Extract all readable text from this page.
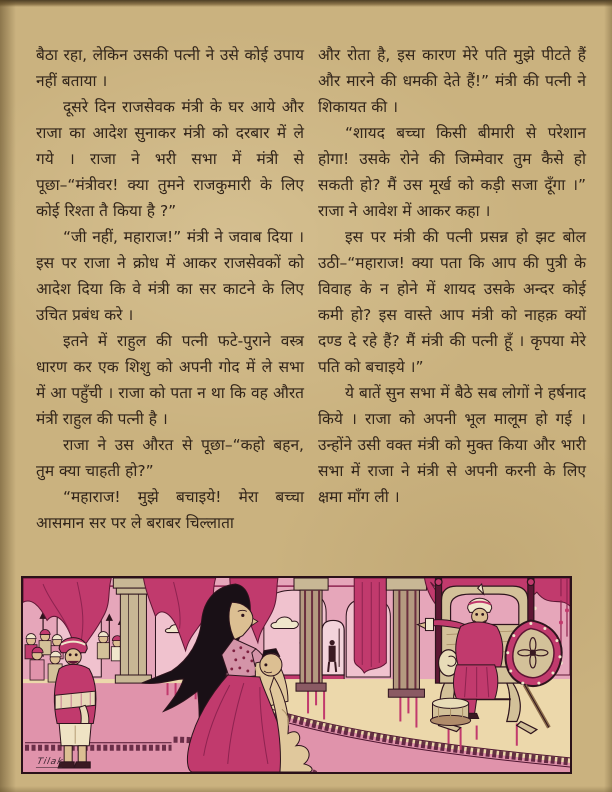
बैठा रहा, लेकिन उसकी पत्नी ने उसे कोई उपाय नहीं बताया ।

दूसरे दिन राजसेवक मंत्री के घर आये और राजा का आदेश सुनाकर मंत्री को दरबार में ले गये । राजा ने भरी सभा में मंत्री से पूछा–“मंत्रीवर! क्या तुमने राजकुमारी के लिए कोई रिश्ता तै किया है ?”

“जी नहीं, महाराज!” मंत्री ने जवाब दिया । इस पर राजा ने क्रोध में आकर राजसेवकों को आदेश दिया कि वे मंत्री का सर काटने के लिए उचित प्रबंध करे ।

इतने में राहुल की पत्नी फटे-पुराने वस्त्र धारण कर एक शिशु को अपनी गोद में ले सभा में आ पहुँची । राजा को पता न था कि वह औरत मंत्री राहुल की पत्नी है ।

राजा ने उस औरत से पूछा–“कहो बहन, तुम क्या चाहती हो?”

“महाराज! मुझे बचाइये! मेरा बच्चा आसमान सर पर ले बराबर चिल्लाता

और रोता है, इस कारण मेरे पति मुझे पीटते हैं और मारने की धमकी देते हैं!” मंत्री की पत्नी ने शिकायत की ।

“शायद बच्चा किसी बीमारी से परेशान होगा! उसके रोने की जिम्मेवार तुम कैसे हो सकती हो? मैं उस मूर्ख को कड़ी सजा दूँगा ।” राजा ने आवेश में आकर कहा ।

इस पर मंत्री की पत्नी प्रसन्न हो झट बोल उठी–“महाराज! क्या पता कि आप की पुत्री के विवाह के न होने में शायद उसके अन्दर कोई कमी हो? इस वास्ते आप मंत्री को नाहक़ क्यों दण्ड दे रहे हैं? मैं मंत्री की पत्नी हूँ । कृपया मेरे पति को बचाइये ।”

ये बातें सुन सभा में बैठे सब लोगों ने हर्षनाद किये । राजा को अपनी भूल मालूम हो गई । उन्होंने उसी वक्त मंत्री को मुक्त किया और भारी सभा में राजा ने मंत्री से अपनी करनी के लिए क्षमा माँग ली ।

Tilak
